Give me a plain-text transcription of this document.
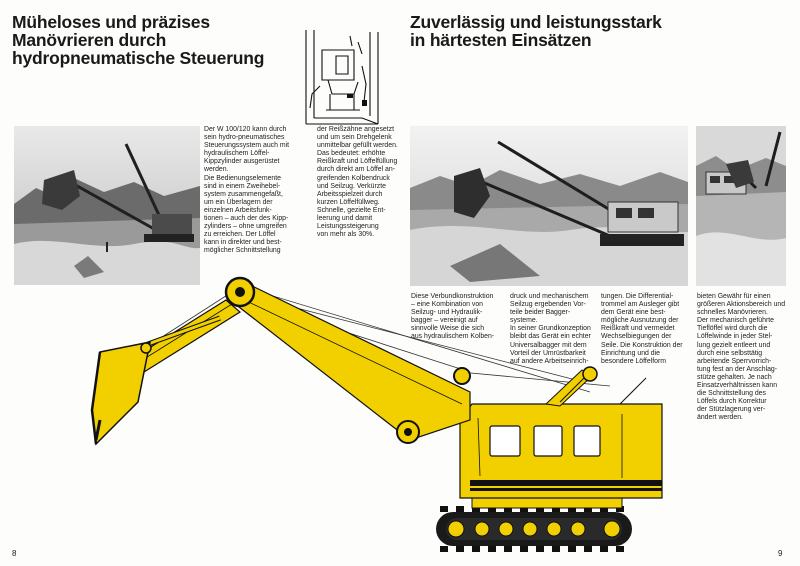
Müheloses und präzises
Manövrieren durch
hydropneumatische Steuerung
Zuverlässig und leistungsstark
in härtesten Einsätzen
Der W 100/120 kann durch
sein hydro-pneumatisches
Steuerungssystem auch mit
hydraulischem Löffel-
Kippzylinder ausgerüstet
werden.
Die Bedienungselemente
sind in einem Zweihebel-
system zusammengefaßt,
um ein Überlagern der
einzelnen Arbeitsfunk-
tionen – auch der des Kipp-
zylinders – ohne umgreifen
zu erreichen. Der Löffel
kann in direkter und best-
möglicher Schnittstellung
der Reißzähne angesetzt
und um sein Drehgelenk
unmittelbar gefüllt werden.
Das bedeutet: erhöhte
Reißkraft und Löffelfüllung
durch direkt am Löffel an-
greifenden Kolbendruck
und Seilzug. Verkürzte
Arbeitsspielzeit durch
kurzen Löffelfüllweg.
Schnelle, gezielte Ent-
leerung und damit
Leistungssteigerung
von mehr als 30%.
Diese Verbundkonstruktion
– eine Kombination von
Seilzug- und Hydraulik-
bagger – vereinigt auf
sinnvolle Weise die sich
aus hydraulischem Kolben-
druck und mechanischem
Seilzug ergebenden Vor-
teile beider Bagger-
systeme.
In seiner Grundkonzeption
bleibt das Gerät ein echter
Universalbagger mit dem
Vorteil der Umrüstbarkeit
auf andere Arbeitseinrich-
tungen. Die Differential-
trommel am Ausleger gibt
dem Gerät eine best-
mögliche Ausnutzung der
Reißkraft und vermeidet
Wechselbiegungen der
Seile. Die Konstruktion der
Einrichtung und die
besondere Löffelform
bieten Gewähr für einen
größeren Aktionsbereich und
schnelles Manövrieren.
Der mechanisch geführte
Tieflöffel wird durch die
Löffelwinde in jeder Stel-
lung gezielt entleert und
durch eine selbsttätig
arbeitende Sperrvorrich-
tung fest an der Anschlag-
stütze gehalten. Je nach
Einsatzverhältnissen kann
die Schnittstellung des
Löffels durch Korrektur
der Stützlagerung ver-
ändert werden.
8	9
